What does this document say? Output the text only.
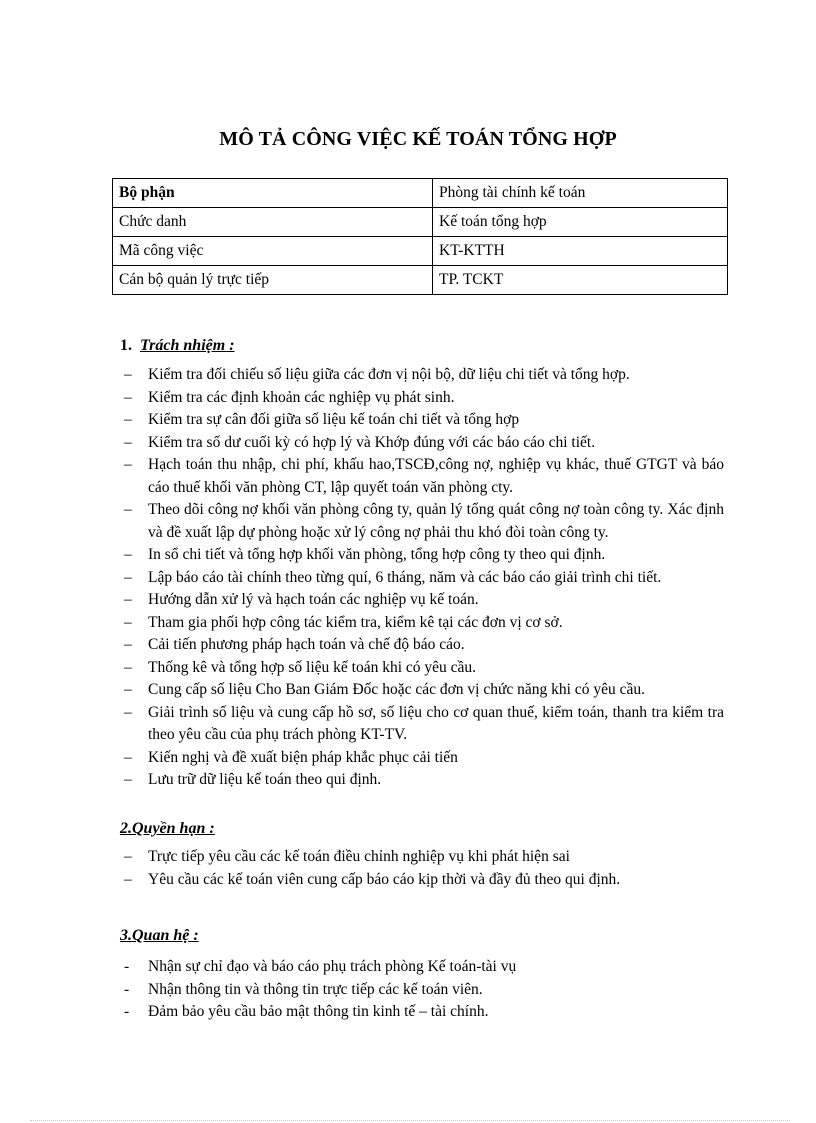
MÔ TẢ CÔNG VIỆC KẾ TOÁN TỔNG HỢP
Bộ phận	Phòng tài chính kế toán
Chức danh	Kế toán tổng hợp
Mã công việc	KT-KTTH
Cán bộ quản lý trực tiếp	TP. TCKT
1. Trách nhiệm :
– Kiểm tra đối chiếu số liệu giữa các đơn vị nội bộ, dữ liệu chi tiết và tổng hợp.
– Kiểm tra các định khoản các nghiệp vụ phát sinh.
– Kiểm tra sự cân đối giữa số liệu kế toán chi tiết và tổng hợp
– Kiểm tra số dư cuối kỳ có hợp lý và Khớp đúng với các báo cáo chi tiết.
– Hạch toán thu nhập, chi phí, khấu hao,TSCĐ,công nợ, nghiệp vụ khác, thuế GTGT và báo cáo thuế khối văn phòng CT, lập quyết toán văn phòng cty.
– Theo dõi công nợ khối văn phòng công ty, quản lý tổng quát công nợ toàn công ty. Xác định và đề xuất lập dự phòng hoặc xử lý công nợ phải thu khó đòi toàn công ty.
– In sổ chi tiết và tổng hợp khối văn phòng, tổng hợp công ty theo qui định.
– Lập báo cáo tài chính theo từng quí, 6 tháng, năm và các báo cáo giải trình chi tiết.
– Hướng dẫn xử lý và hạch toán các nghiệp vụ kế toán.
– Tham gia phối hợp công tác kiểm tra, kiểm kê tại các đơn vị cơ sở.
– Cải tiến phương pháp hạch toán và chế độ báo cáo.
– Thống kê và tổng hợp số liệu kế toán khi có yêu cầu.
– Cung cấp số liệu Cho Ban Giám Đốc hoặc các đơn vị chức năng khi có yêu cầu.
– Giải trình số liệu và cung cấp hồ sơ, số liệu cho cơ quan thuế, kiểm toán, thanh tra kiểm tra theo yêu cầu của phụ trách phòng KT-TV.
– Kiến nghị và đề xuất biện pháp khắc phục cải tiến
– Lưu trữ dữ liệu kế toán theo qui định.
2.Quyền hạn :
– Trực tiếp yêu cầu các kế toán điều chỉnh nghiệp vụ khi phát hiện sai
– Yêu cầu các kế toán viên cung cấp báo cáo kịp thời và đầy đủ theo qui định.
3.Quan hệ :
- Nhận sự chỉ đạo và báo cáo phụ trách phòng Kế toán-tài vụ
- Nhận thông tin và thông tin trực tiếp các kế toán viên.
- Đảm bảo yêu cầu bảo mật thông tin kinh tế – tài chính.
